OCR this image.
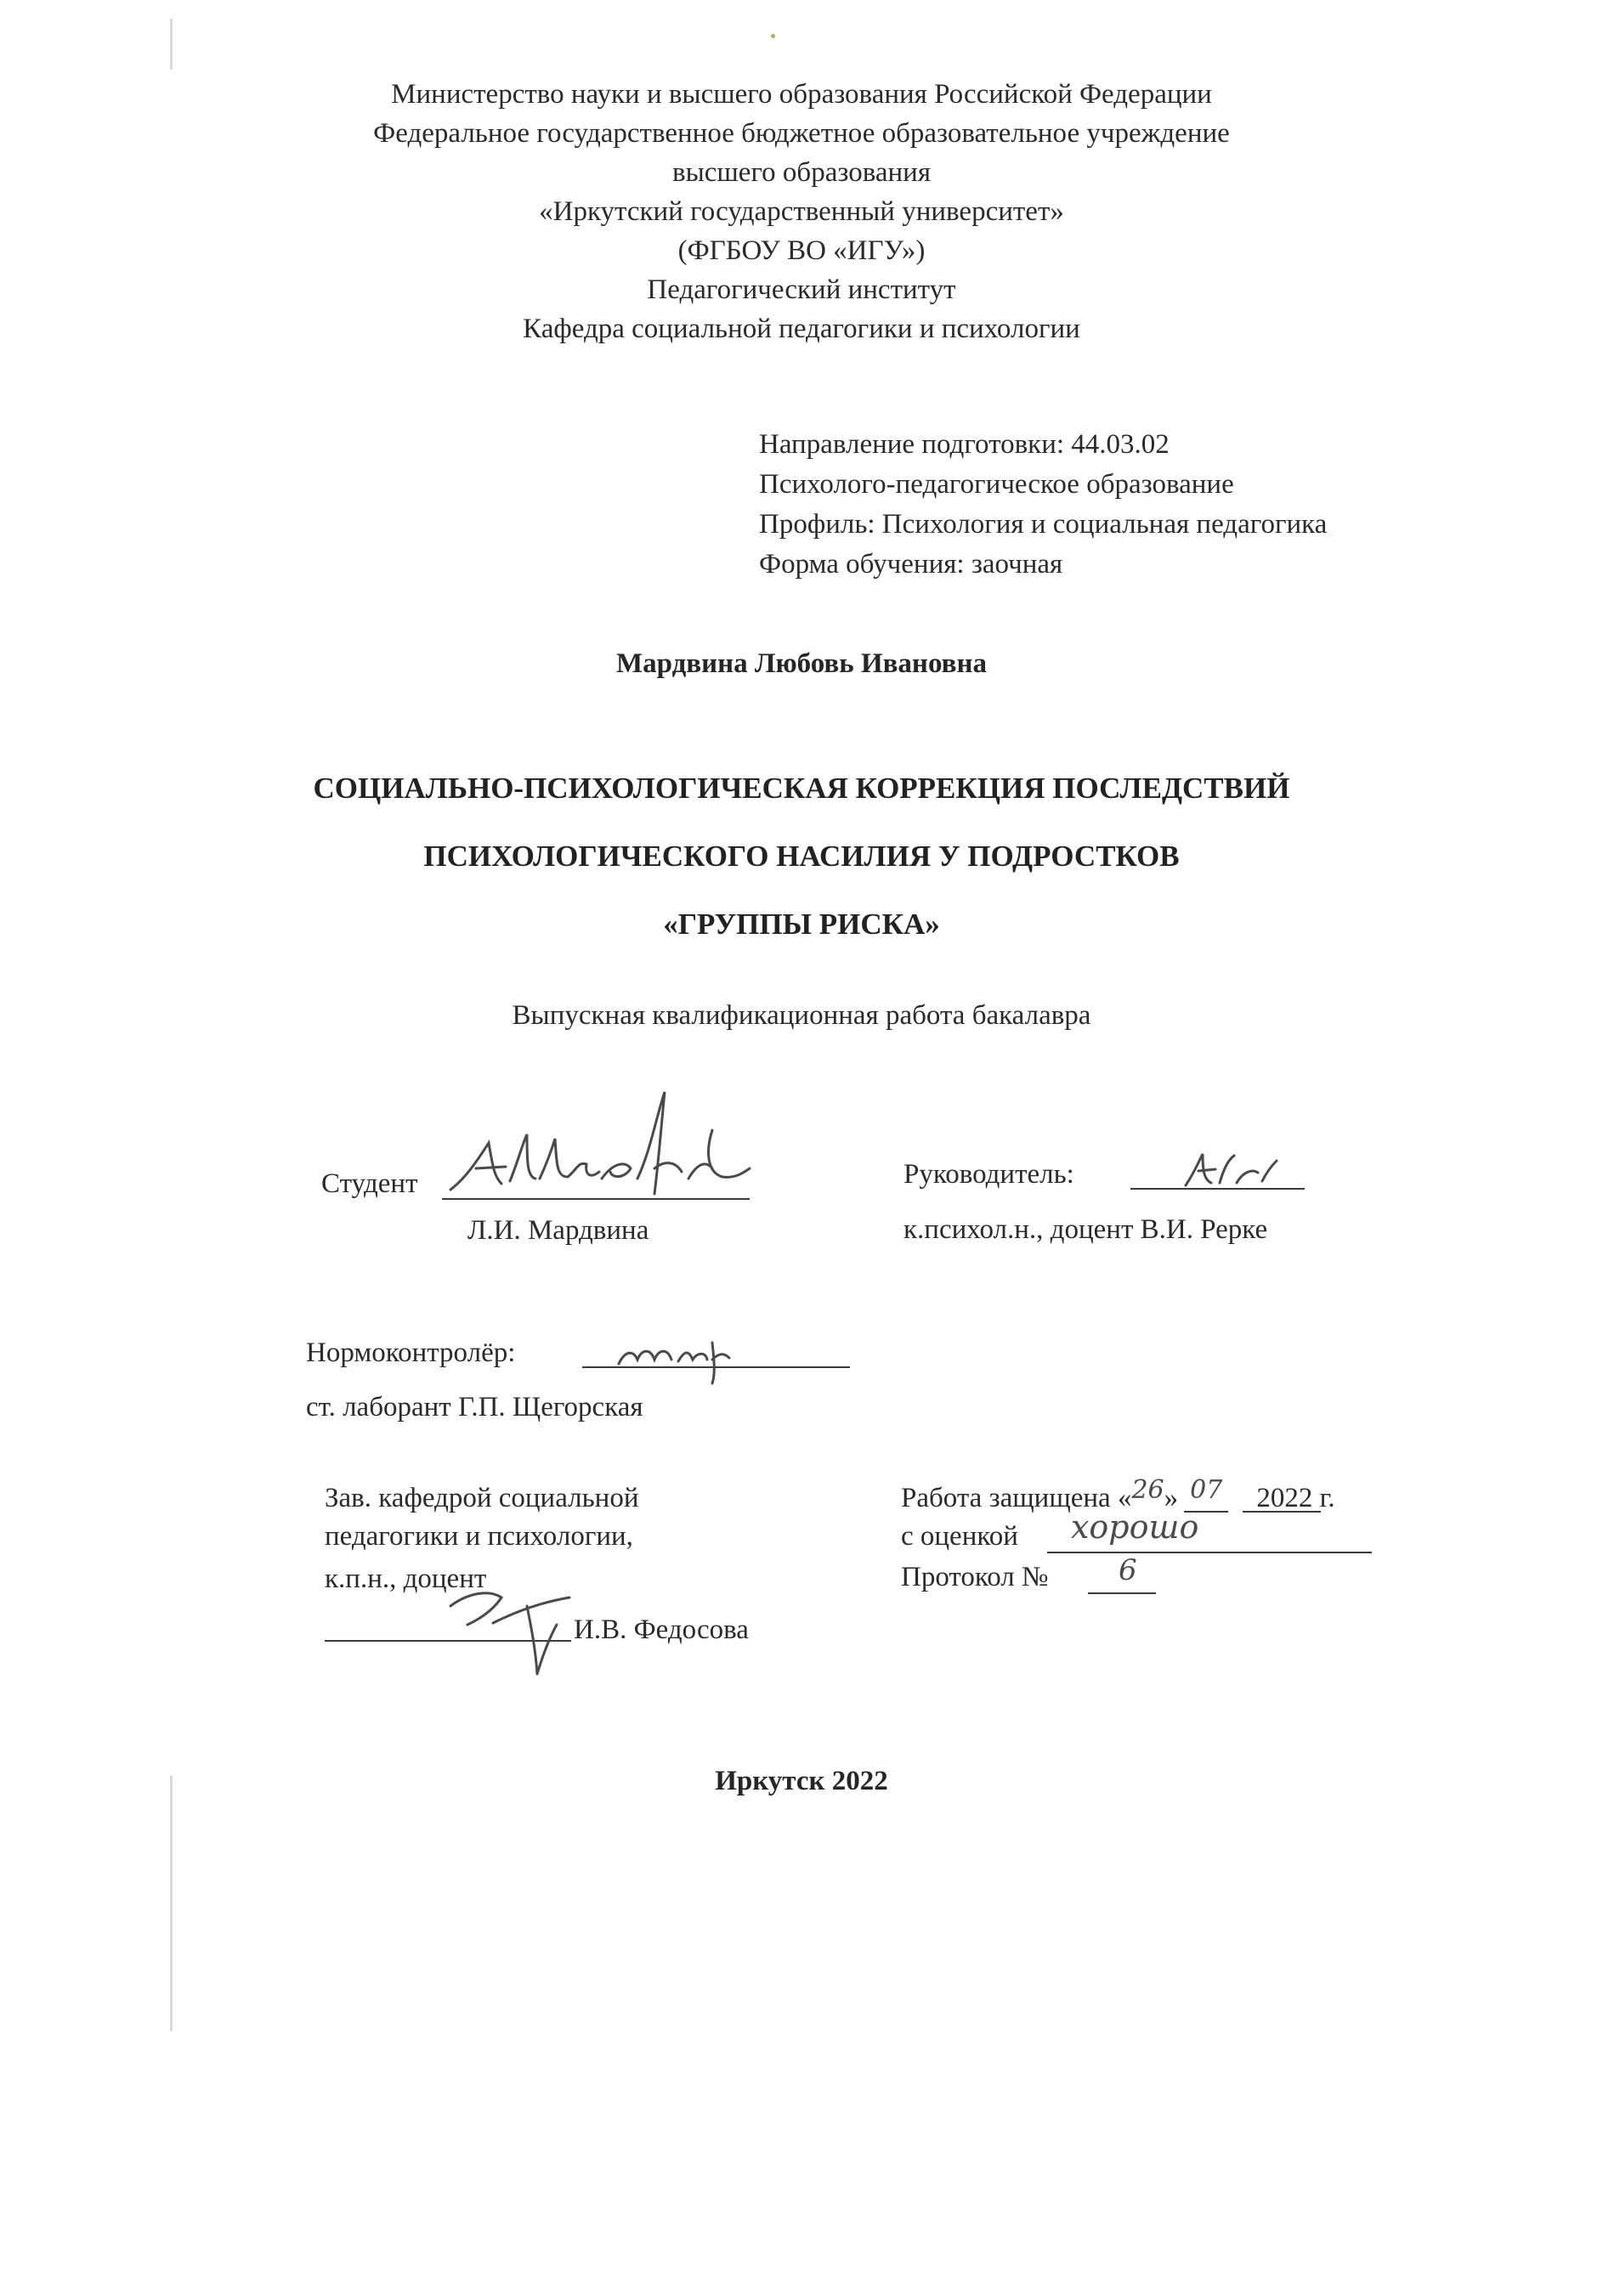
Министерство науки и высшего образования Российской Федерации
Федеральное государственное бюджетное образовательное учреждение
высшего образования
«Иркутский государственный университет»
(ФГБОУ ВО «ИГУ»)
Педагогический институт
Кафедра социальной педагогики и психологии
Направление подготовки: 44.03.02
Психолого-педагогическое образование
Профиль: Психология и социальная педагогика
Форма обучения: заочная
Мардвина Любовь Ивановна
СОЦИАЛЬНО-ПСИХОЛОГИЧЕСКАЯ КОРРЕКЦИЯ ПОСЛЕДСТВИЙ
ПСИХОЛОГИЧЕСКОГО НАСИЛИЯ У ПОДРОСТКОВ
«ГРУППЫ РИСКА»
Выпускная квалификационная работа бакалавра
Студент
Л.И. Мардвина
Руководитель:
к.психол.н., доцент В.И. Рерке
Нормоконтролёр:
ст. лаборант Г.П. Щегорская
Зав. кафедрой социальной
педагогики и психологии,
к.п.н., доцент
И.В. Федосова
Работа защищена «26» 07 2022 г.
с оценкой хорошо
Протокол № 6
Иркутск 2022
